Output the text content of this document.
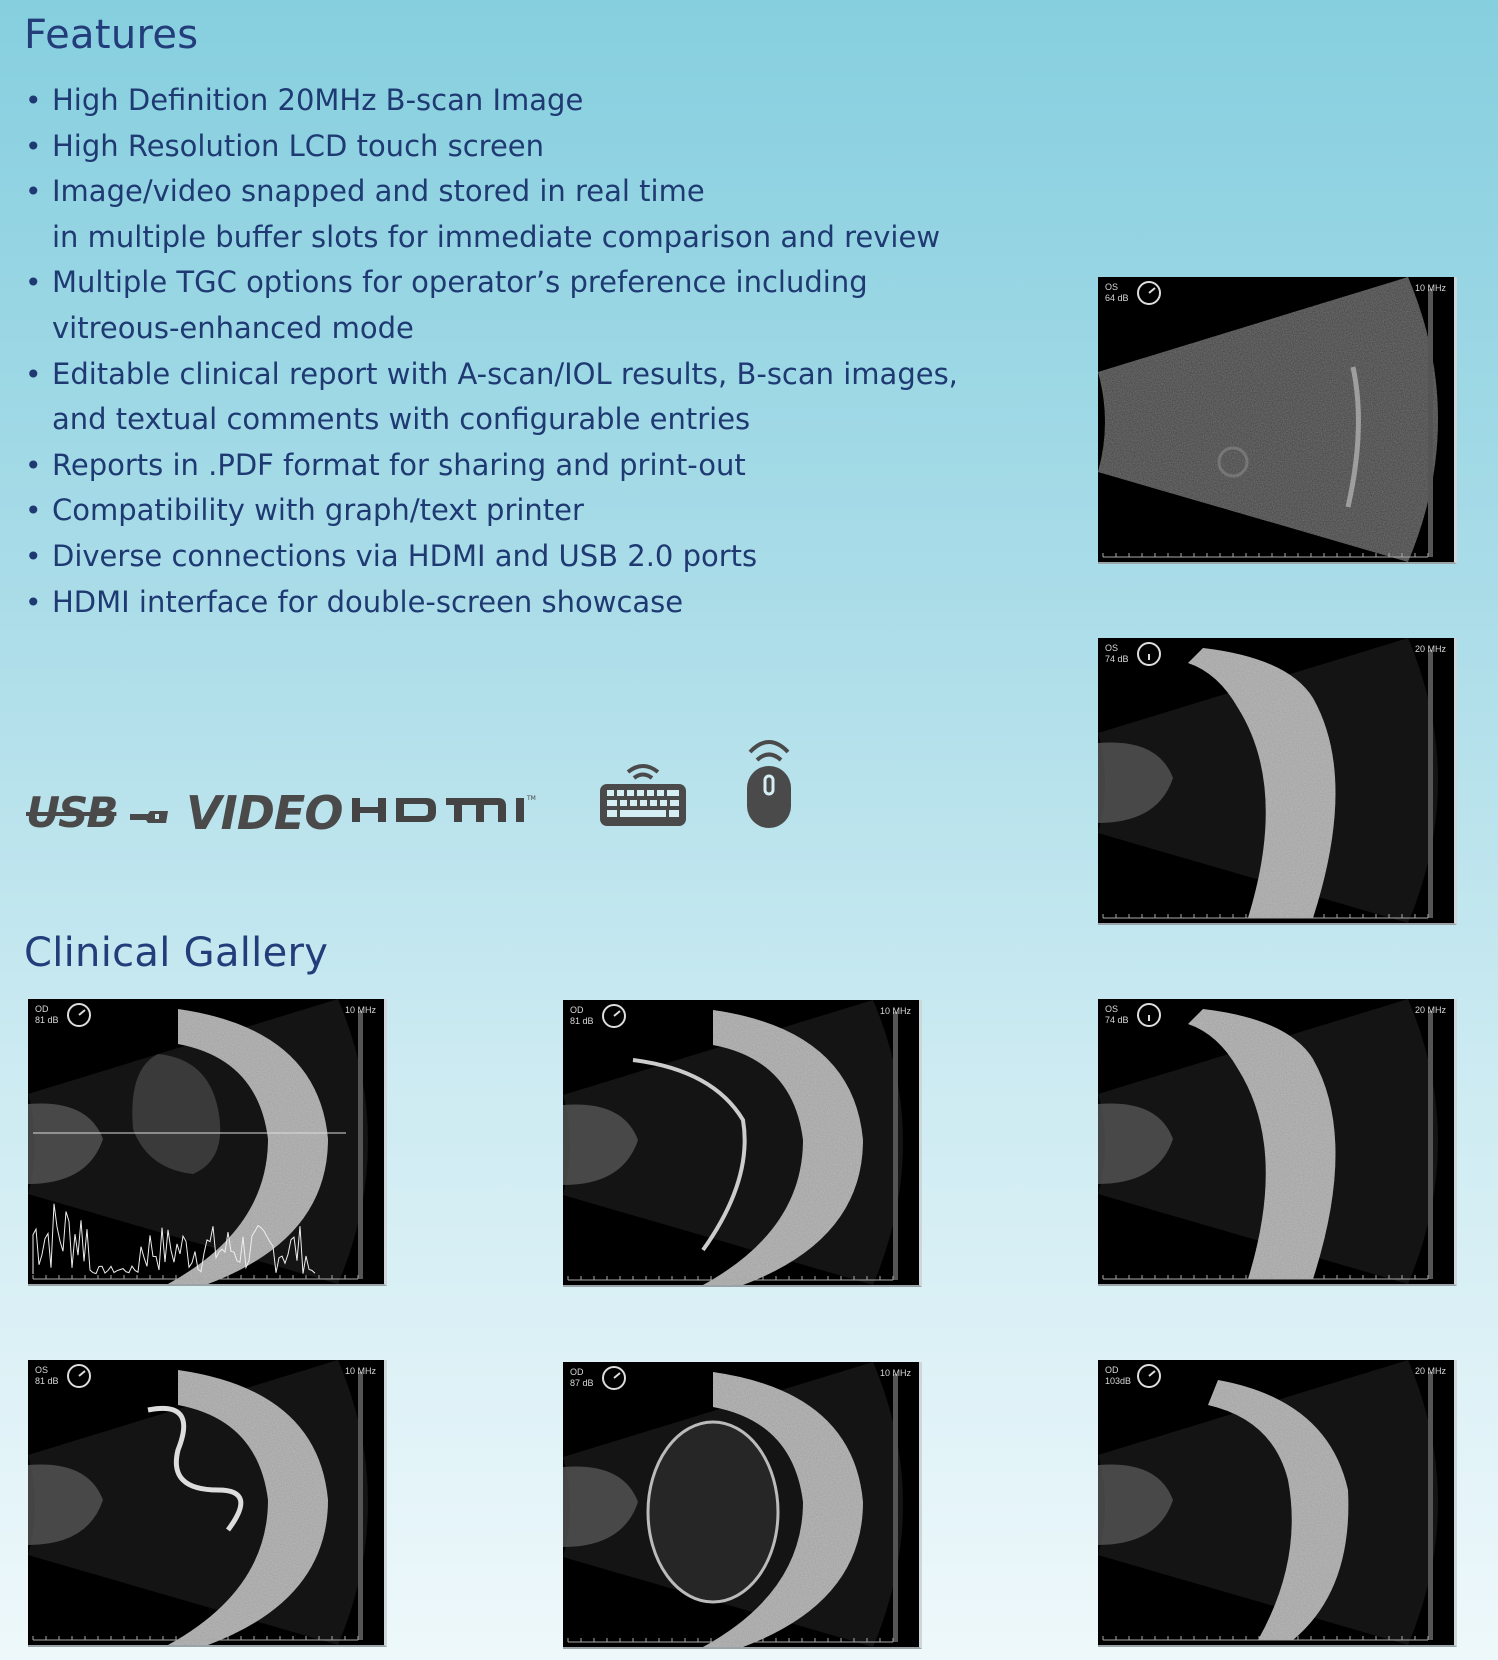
Features
• High Definition 20MHz B-scan Image
• High Resolution LCD touch screen
• Image/video snapped and stored in real time
in multiple buffer slots for immediate comparison and review
• Multiple TGC options for operator’s preference including
vitreous-enhanced mode
• Editable clinical report with A-scan/IOL results, B-scan images,
and textual comments with configurable entries
• Reports in .PDF format for sharing and print-out
• Compatibility with graph/text printer
• Diverse connections via HDMI and USB 2.0 ports
• HDMI interface for double-screen showcase
USB VIDEO	TM
Clinical Gallery
OS
64 dB
10 MHz
OS
74 dB
20 MHz
OD
81 dB
10 MHz	OD
81 dB
10 MHz	OS
74 dB
20 MHz
OS
81 dB
10 MHz	OD
87 dB
10 MHz	OD
103dB
20 MHz
